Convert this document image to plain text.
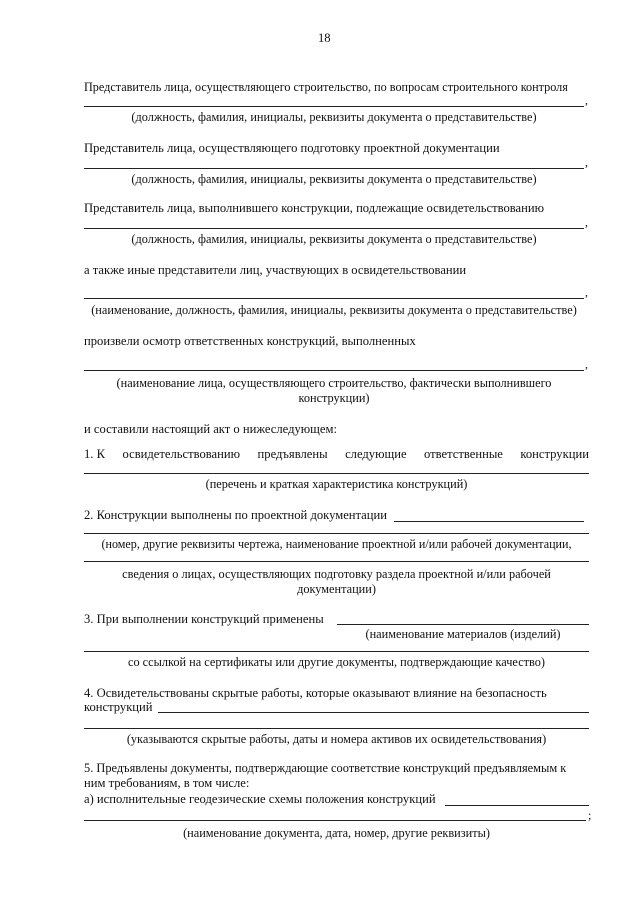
18
Представитель лица, осуществляющего строительство, по вопросам строительного контроля
,
(должность, фамилия, инициалы, реквизиты документа о представительстве)
Представитель лица, осуществляющего подготовку проектной документации
,
(должность, фамилия, инициалы, реквизиты документа о представительстве)
Представитель лица, выполнившего конструкции, подлежащие освидетельствованию
,
(должность, фамилия, инициалы, реквизиты документа о представительстве)
а также иные представители лиц, участвующих в освидетельствовании
,
(наименование, должность, фамилия, инициалы, реквизиты документа о представительстве)
произвели осмотр ответственных конструкций, выполненных
,
(наименование лица, осуществляющего строительство, фактически выполнившего
конструкции)
и составили настоящий акт о нижеследующем:
1. К освидетельствованию предъявлены следующие ответственные конструкции
(перечень и краткая характеристика конструкций)
2. Конструкции выполнены по проектной документации
(номер, другие реквизиты чертежа, наименование проектной и/или рабочей документации,
сведения о лицах, осуществляющих подготовку раздела проектной и/или рабочей
документации)
3. При выполнении конструкций применены
(наименование материалов (изделий)
со ссылкой на сертификаты или другие документы, подтверждающие качество)
4. Освидетельствованы скрытые работы, которые оказывают влияние на безопасность
конструкций
(указываются скрытые работы, даты и номера активов их освидетельствования)
5. Предъявлены документы, подтверждающие соответствие конструкций предъявляемым к
ним требованиям, в том числе:
а) исполнительные геодезические схемы положения конструкций
;
(наименование документа, дата, номер, другие реквизиты)
